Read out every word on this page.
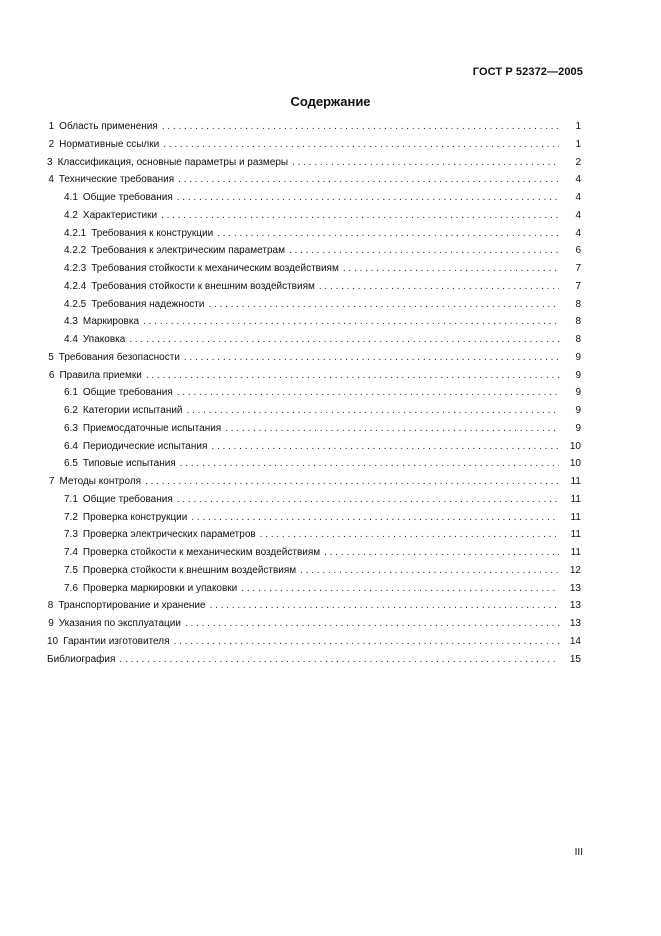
ГОСТ Р 52372—2005
Содержание
1 Область применения . . .	1
2 Нормативные ссылки . . .	1
3 Классификация, основные параметры и размеры . . .	2
4 Технические требования . . .	4
4.1 Общие требования . . .	4
4.2 Характеристики . . .	4
4.2.1 Требования к конструкции . . .	4
4.2.2 Требования к электрическим параметрам . . .	6
4.2.3 Требования стойкости к механическим воздействиям . . .	7
4.2.4 Требования стойкости к внешним воздействиям . . .	7
4.2.5 Требования надежности . . .	8
4.3 Маркировка . . .	8
4.4 Упаковка . . .	8
5 Требования безопасности . . .	9
6 Правила приемки . . .	9
6.1 Общие требования . . .	9
6.2 Категории испытаний . . .	9
6.3 Приемосдаточные испытания . . .	9
6.4 Периодические испытания . . .	10
6.5 Типовые испытания . . .	10
7 Методы контроля . . .	11
7.1 Общие требования . . .	11
7.2 Проверка конструкции . . .	11
7.3 Проверка электрических параметров . . .	11
7.4 Проверка стойкости к механическим воздействиям . . .	11
7.5 Проверка стойкости к внешним воздействиям . . .	12
7.6 Проверка маркировки и упаковки . . .	13
8 Транспортирование и хранение . . .	13
9 Указания по эксплуатации . . .	13
10 Гарантии изготовителя . . .	14
Библиография . . .	15
III
